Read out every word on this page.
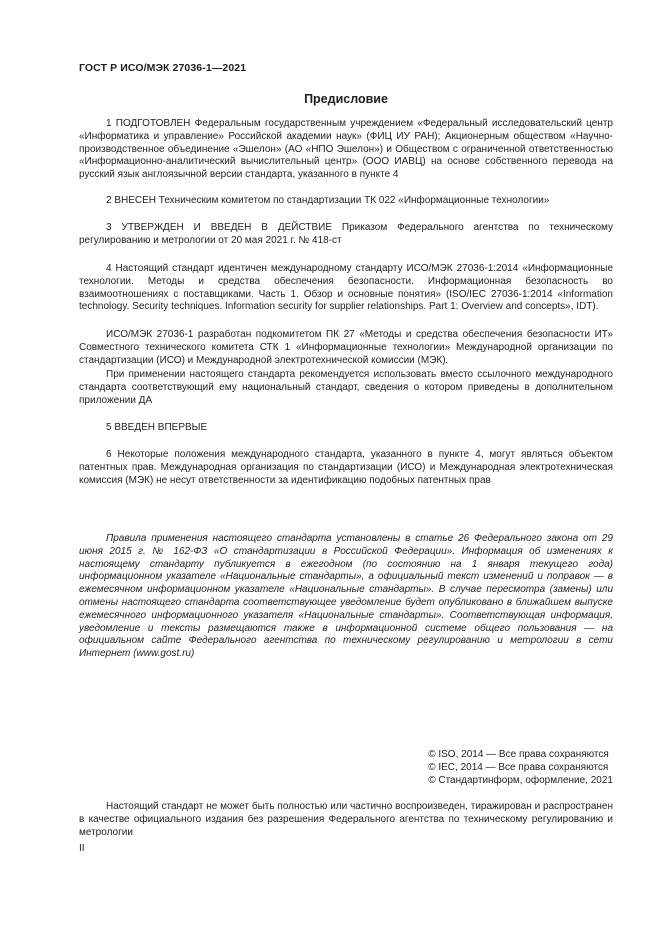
ГОСТ Р ИСО/МЭК 27036-1—2021
Предисловие

1 ПОДГОТОВЛЕН Федеральным государственным учреждением «Федеральный исследовательский центр «Информатика и управление» Российской академии наук» (ФИЦ ИУ РАН); Акционерным обществом «Научно-производственное объединение «Эшелон» (АО «НПО Эшелон») и Обществом с ограниченной ответственностью «Информационно-аналитический вычислительный центр» (ООО ИАВЦ) на основе собственного перевода на русский язык англоязычной версии стандарта, указанного в пункте 4

2 ВНЕСЕН Техническим комитетом по стандартизации ТК 022 «Информационные технологии»

3 УТВЕРЖДЕН И ВВЕДЕН В ДЕЙСТВИЕ Приказом Федерального агентства по техническому регулированию и метрологии от 20 мая 2021 г. № 418-ст

4 Настоящий стандарт идентичен международному стандарту ИСО/МЭК 27036-1:2014 «Информационные технологии. Методы и средства обеспечения безопасности. Информационная безопасность во взаимоотношениях с поставщиками. Часть 1. Обзор и основные понятия» (ISO/IEC 27036-1:2014 «Information technology. Security techniques. Information security for supplier relationships. Part 1: Overview and concepts», IDT).

ИСО/МЭК 27036-1 разработан подкомитетом ПК 27 «Методы и средства обеспечения безопасности ИТ» Совместного технического комитета СТК 1 «Информационные технологии» Международной организации по стандартизации (ИСО) и Международной электротехнической комиссии (МЭК).

При применении настоящего стандарта рекомендуется использовать вместо ссылочного международного стандарта соответствующий ему национальный стандарт, сведения о котором приведены в дополнительном приложении ДА

5 ВВЕДЕН ВПЕРВЫЕ

6 Некоторые положения международного стандарта, указанного в пункте 4, могут являться объектом патентных прав. Международная организация по стандартизации (ИСО) и Международная электротехническая комиссия (МЭК) не несут ответственности за идентификацию подобных патентных прав

Правила применения настоящего стандарта установлены в статье 26 Федерального закона от 29 июня 2015 г. № 162-ФЗ «О стандартизации в Российской Федерации». Информация об изменениях к настоящему стандарту публикуется в ежегодном (по состоянию на 1 января текущего года) информационном указателе «Национальные стандарты», а официальный текст изменений и поправок — в ежемесячном информационном указателе «Национальные стандарты». В случае пересмотра (замены) или отмены настоящего стандарта соответствующее уведомление будет опубликовано в ближайшем выпуске ежемесячного информационного указателя «Национальные стандарты». Соответствующая информация, уведомление и тексты размещаются также в информационной системе общего пользования — на официальном сайте Федерального агентства по техническому регулированию и метрологии в сети Интернет (www.gost.ru)

© ISO, 2014 — Все права сохраняются
© IEC, 2014 — Все права сохраняются
© Стандартинформ, оформление, 2021

Настоящий стандарт не может быть полностью или частично воспроизведен, тиражирован и распространен в качестве официального издания без разрешения Федерального агентства по техническому регулированию и метрологии

II
